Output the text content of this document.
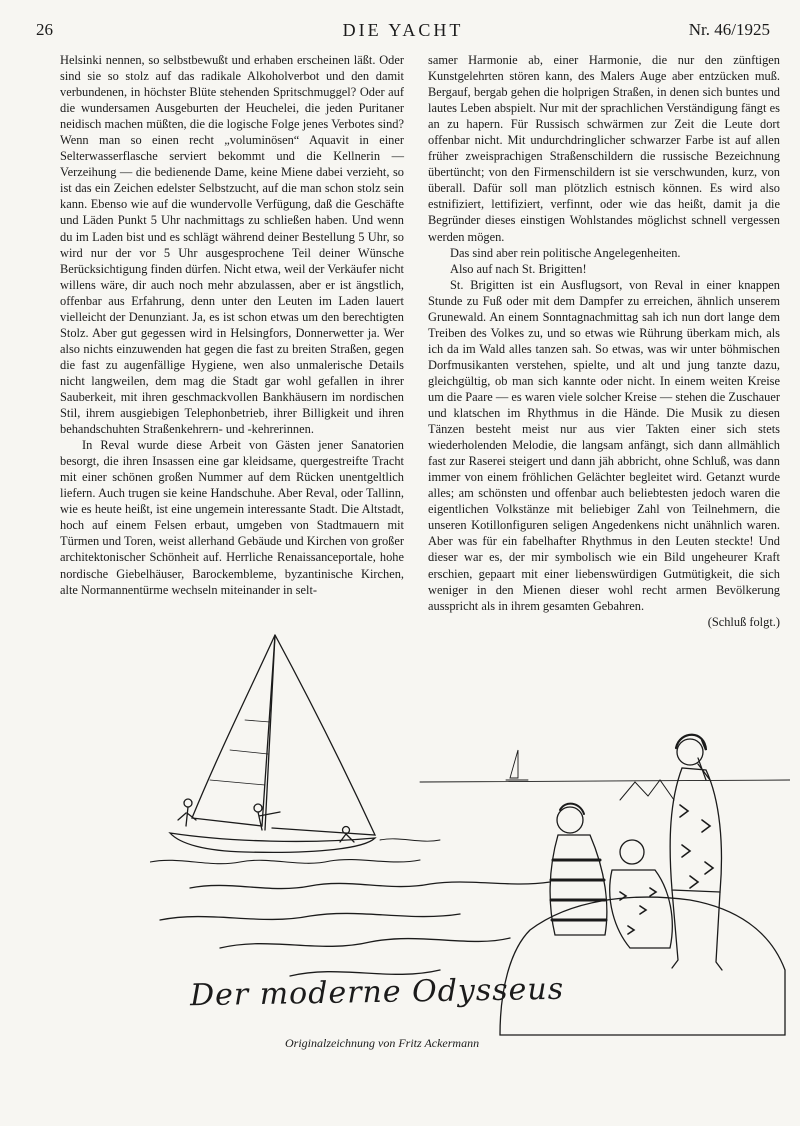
26	DIE YACHT	Nr. 46/1925

Helsinki nennen, so selbstbewußt und erhaben erscheinen läßt. Oder sind sie so stolz auf das radikale Alkoholverbot und den damit verbundenen, in höchster Blüte stehenden Spritschmuggel? Oder auf die wundersamen Ausgeburten der Heuchelei, die jeden Puritaner neidisch machen müßten, die die logische Folge jenes Verbotes sind? Wenn man so einen recht „voluminösen“ Aquavit in einer Selterwasserflasche serviert bekommt und die Kellnerin — Verzeihung — die bedienende Dame, keine Miene dabei verzieht, so ist das ein Zeichen edelster Selbstzucht, auf die man schon stolz sein kann. Ebenso wie auf die wundervolle Verfügung, daß die Geschäfte und Läden Punkt 5 Uhr nachmittags zu schließen haben. Und wenn du im Laden bist und es schlägt während deiner Bestellung 5 Uhr, so wird nur der vor 5 Uhr ausgesprochene Teil deiner Wünsche Berücksichtigung finden dürfen. Nicht etwa, weil der Verkäufer nicht willens wäre, dir auch noch mehr abzulassen, aber er ist ängstlich, offenbar aus Erfahrung, denn unter den Leuten im Laden lauert vielleicht der Denunziant. Ja, es ist schon etwas um den berechtigten Stolz. Aber gut gegessen wird in Helsingfors, Donnerwetter ja. Wer also nichts einzuwenden hat gegen die fast zu breiten Straßen, gegen die fast zu augenfällige Hygiene, wen also unmalerische Details nicht langweilen, dem mag die Stadt gar wohl gefallen in ihrer Sauberkeit, mit ihren geschmackvollen Bankhäusern im nordischen Stil, ihrem ausgiebigen Telephonbetrieb, ihrer Billigkeit und ihren behandschuhten Straßenkehrern- und -kehrerinnen.

In Reval wurde diese Arbeit von Gästen jener Sanatorien besorgt, die ihren Insassen eine gar kleidsame, quergestreifte Tracht mit einer schönen großen Nummer auf dem Rücken unentgeltlich liefern. Auch trugen sie keine Handschuhe. Aber Reval, oder Tallinn, wie es heute heißt, ist eine ungemein interessante Stadt. Die Altstadt, hoch auf einem Felsen erbaut, umgeben von Stadtmauern mit Türmen und Toren, weist allerhand Gebäude und Kirchen von großer architektonischer Schönheit auf. Herrliche Renaissanceportale, hohe nordische Giebelhäuser, Barockembleme, byzantinische Kirchen, alte Normannentürme wechseln miteinander in selt-

samer Harmonie ab, einer Harmonie, die nur den zünftigen Kunstgelehrten stören kann, des Malers Auge aber entzücken muß. Bergauf, bergab gehen die holprigen Straßen, in denen sich buntes und lautes Leben abspielt. Nur mit der sprachlichen Verständigung fängt es an zu hapern. Für Russisch schwärmen zur Zeit die Leute dort offenbar nicht. Mit undurchdringlicher schwarzer Farbe ist auf allen früher zweisprachigen Straßenschildern die russische Bezeichnung übertüncht; von den Firmenschildern ist sie verschwunden, kurz, von überall. Dafür soll man plötzlich estnisch können. Es wird also estnifiziert, lettifiziert, verfinnt, oder wie das heißt, damit ja die Begründer dieses einstigen Wohlstandes möglichst schnell vergessen werden mögen.

Das sind aber rein politische Angelegenheiten.

Also auf nach St. Brigitten!

St. Brigitten ist ein Ausflugsort, von Reval in einer knappen Stunde zu Fuß oder mit dem Dampfer zu erreichen, ähnlich unserem Grunewald. An einem Sonntagnachmittag sah ich nun dort lange dem Treiben des Volkes zu, und so etwas wie Rührung überkam mich, als ich da im Wald alles tanzen sah. So etwas, was wir unter böhmischen Dorfmusikanten verstehen, spielte, und alt und jung tanzte dazu, gleichgültig, ob man sich kannte oder nicht. In einem weiten Kreise um die Paare — es waren viele solcher Kreise — stehen die Zuschauer und klatschen im Rhythmus in die Hände. Die Musik zu diesen Tänzen besteht meist nur aus vier Takten einer sich stets wiederholenden Melodie, die langsam anfängt, sich dann allmählich fast zur Raserei steigert und dann jäh abbricht, ohne Schluß, was dann immer von einem fröhlichen Gelächter begleitet wird. Getanzt wurde alles; am schönsten und offenbar auch beliebtesten jedoch waren die eigentlichen Volkstänze mit beliebiger Zahl von Teilnehmern, die unseren Kotillonfiguren seligen Angedenkens nicht unähnlich waren. Aber was für ein fabelhafter Rhythmus in den Leuten steckte! Und dieser war es, der mir symbolisch wie ein Bild ungeheurer Kraft erschien, gepaart mit einer liebenswürdigen Gutmütigkeit, die sich weniger in den Mienen dieser wohl recht armen Bevölkerung ausspricht als in ihrem gesamten Gebahren.

(Schluß folgt.)

Der moderne Odysseus
Originalzeichnung von Fritz Ackermann
